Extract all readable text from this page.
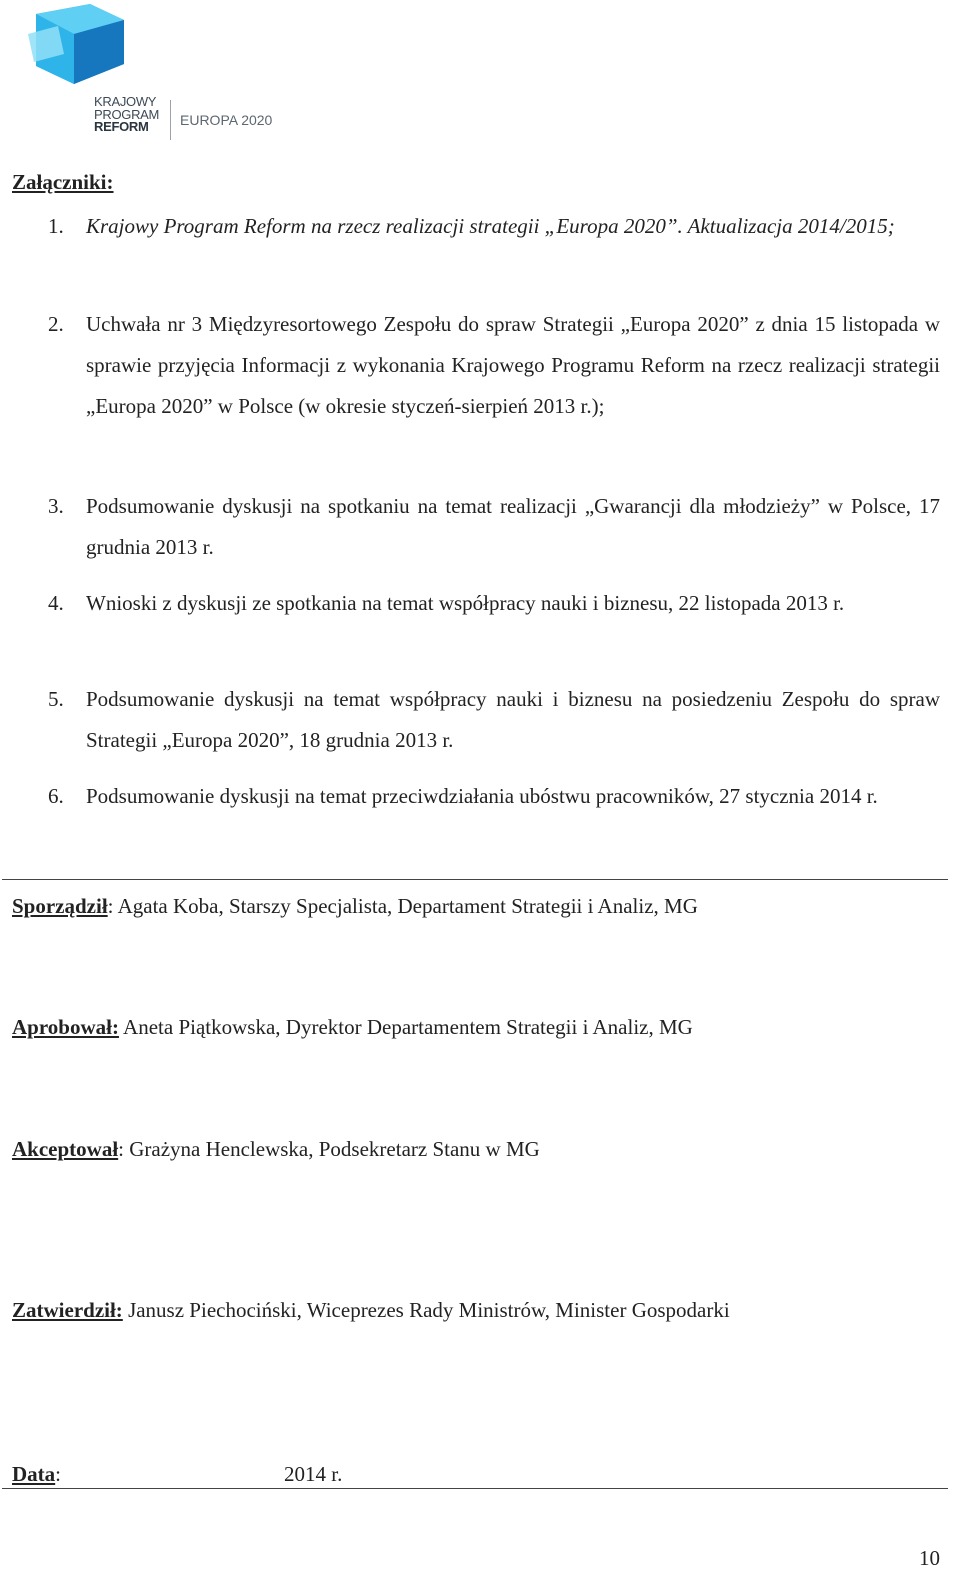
KRAJOWY
PROGRAM
REFORM	EUROPA 2020
Załączniki:
1. Krajowy Program Reform na rzecz realizacji strategii „Europa 2020”. Aktualizacja 2014/2015;
2. Uchwała nr 3 Międzyresortowego Zespołu do spraw Strategii „Europa 2020” z dnia 15 listopada w sprawie przyjęcia Informacji z wykonania Krajowego Programu Reform na rzecz realizacji strategii „Europa 2020” w Polsce (w okresie styczeń-sierpień 2013 r.);
3. Podsumowanie dyskusji na spotkaniu na temat realizacji „Gwarancji dla młodzieży” w Polsce, 17 grudnia 2013 r.
4. Wnioski z dyskusji ze spotkania na temat współpracy nauki i biznesu, 22 listopada 2013 r.
5. Podsumowanie dyskusji na temat współpracy nauki i biznesu na posiedzeniu Zespołu do spraw Strategii „Europa 2020”, 18 grudnia 2013 r.
6. Podsumowanie dyskusji na temat przeciwdziałania ubóstwu pracowników, 27 stycznia 2014 r.
Sporządził: Agata Koba, Starszy Specjalista, Departament Strategii i Analiz, MG
Aprobował: Aneta Piątkowska, Dyrektor Departamentem Strategii i Analiz, MG
Akceptował: Grażyna Henclewska, Podsekretarz Stanu w MG
Zatwierdził: Janusz Piechociński, Wiceprezes Rady Ministrów, Minister Gospodarki
Data:	2014 r.
10
